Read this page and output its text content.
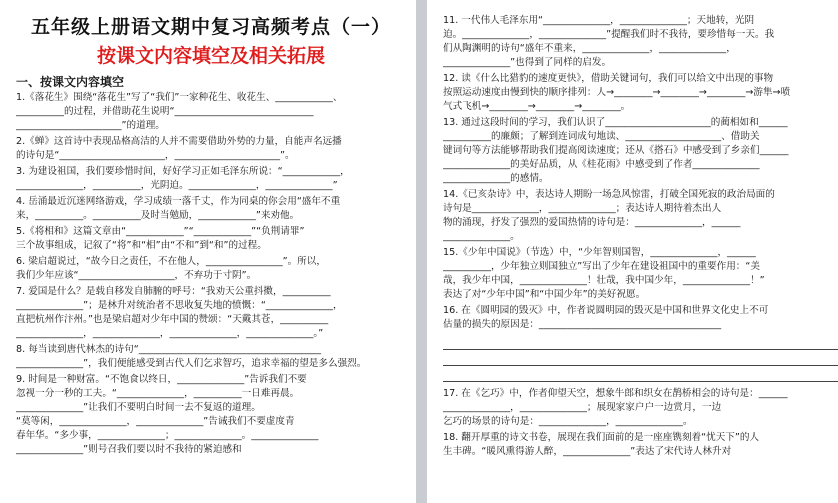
五年级上册语文期中复习高频考点（一）
按课文内容填空及相关拓展
一、按课文内容填空
1.《落花生》围绕“落花生”写了“我们”一家种花生、收花生、____________、
__________的过程，并借助花生说明“_____________________________
______________________”的道理。
2.《蝉》这首诗中表现品格高洁的人并不需要借助外势的力量，自能声名远播
的诗句是“______________________，______________________”。
3. 为建设祖国，我们要珍惜时间，好好学习正如毛泽东所说：“____________，
______________，__________，光阴迫。______________，______________”
4. 岳涌最近沉迷网络游戏，学习成绩一落千丈，作为同桌的你会用“盛年不重
来，__________。__________及时当勉励，____________”来劝他。
5.《将相和》这篇文章由“____________”“____________”“负荆请罪”
三个故事组成，记叙了“将”和“相”由“不和”到“和”的过程。
6. 梁启超说过，“故今日之责任，不在他人，________________”。所以，
我们少年应该“____________________，不弃功于寸阴”。
7. 爱国是什么？是载自移发自肺腑的呼号：“我劝天公重抖擞，__________
______________”；是林升对统治者不思收复失地的愤慨：“______________，
直把杭州作汴州。”也是梁启超对少年中国的赞颂：“天戴其苍，__________
______________，______________，______________，______________。”
8. 每当读到唐代林杰的诗句“______________________________________
______________”，我们便能感受到古代人们乞求智巧，追求幸福的望是多么强烈。
9. 时间是一种财富。“不饱食以终日，______________”告诉我们不要
忽视一分一秒的工夫。“______________，__________一日难再晨。
______________”让我们不要明白时间一去不复返的道理。
“莫等闲，______________，______________”告诫我们不要虚度青
春年华。“多少事，______________；______________。______________
______________”则号召我们要以时不我待的紧迫感和
11. 一代伟人毛泽东用“______________，______________；天地转，光阴
迫。______________，______________”提醒我们时不我待，要珍惜每一天。我
们从陶渊明的诗句“盛年不重来，______________，______________，
______________”也得到了同样的启发。
12. 读《什么比猎豹的速度更快》，借助关键词句，我们可以给文中出现的事物
按照运动速度由慢到快的顺序排列：人→________→________→________→游隼→喷
气式飞机→________→________→________。
13. 通过这段时间的学习，我们认识了______________________的蔺相如和______
__________的廉颇；了解到连词成句地读、____________________、借助关
键词句等方法能够帮助我们提高阅读速度；还从《搭石》中感受到了乡亲们______
______________的美好品质，从《桂花雨》中感受到了作者______________
______________的感情。
14.《已亥杂诗》中，表达诗人期盼一场急风惊雷，打破全国死寂的政治局面的
诗句是______________，______________；表达诗人期待着杰出人
物的涌现，抒发了强烈的爱国热情的诗句是：______________，______
______________。
15.《少年中国说》（节选）中，“少年智则国智，______________，______
__________，少年独立则国独立”写出了少年在建设祖国中的重要作用：“美
哉，我少年中国，______________！壮哉，我中国少年，______________！”
表达了对“少年中国”和“中国少年”的美好祝愿。
16. 在《圆明园的毁灭》中，作者说圆明园的毁灭是中国和世界文化史上不可
估量的损失的原因是：______________________________________
17. 在《乞巧》中，作者仰望天空，想象牛郎和织女在鹊桥相会的诗句是：______
______________，______________；展现家家户户一边赏月，一边
乞巧的场景的诗句是：______________，______________。
18. 翻开厚重的诗文书卷，展现在我们面前的是一座座镌刻着“忧天下”的人
生丰碑。“暖风熏得游人醉，______________”表达了宋代诗人林升对
